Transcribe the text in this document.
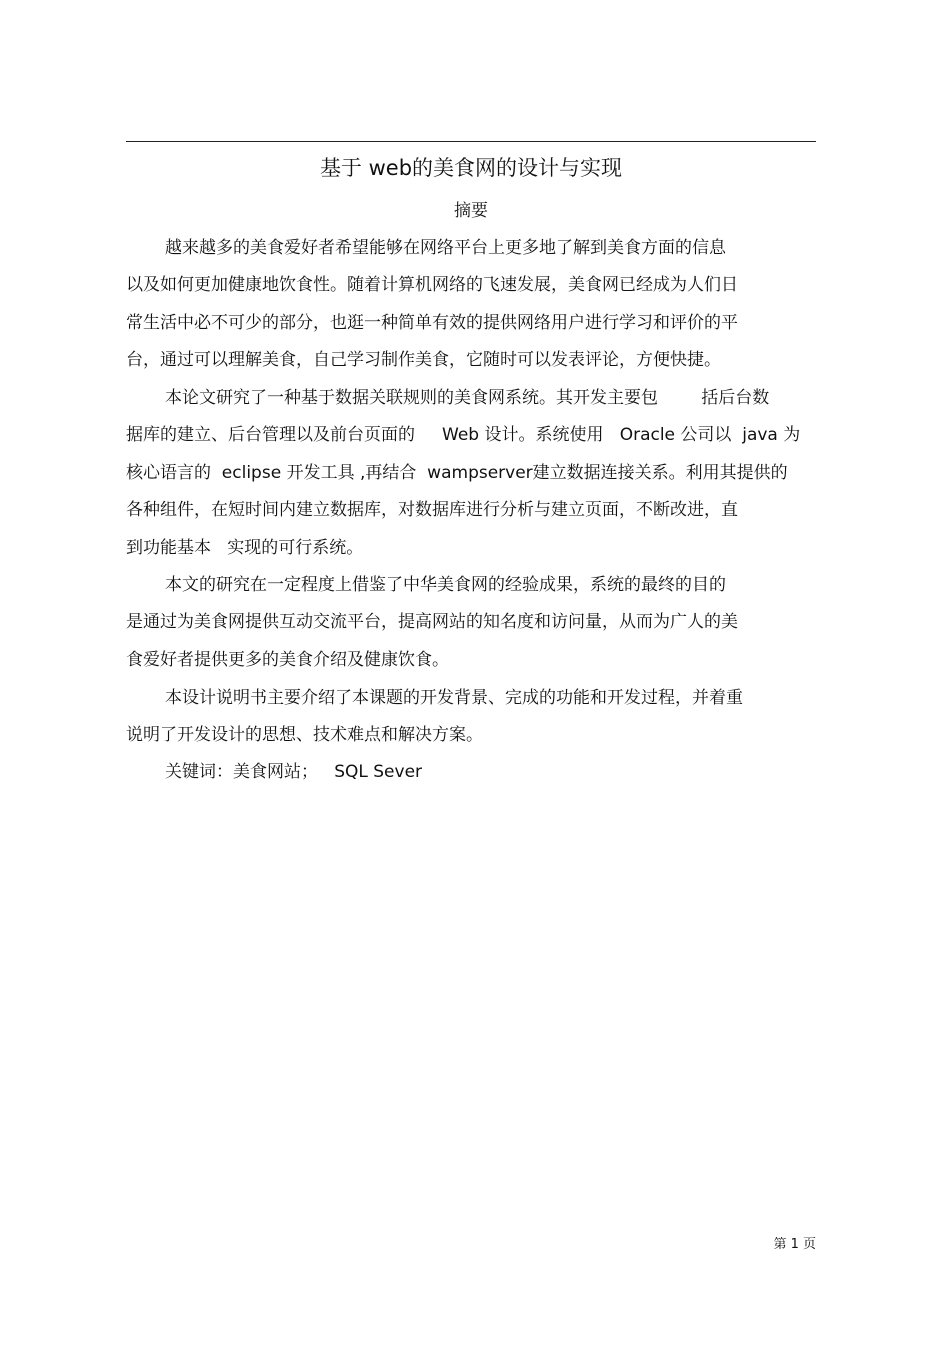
基于 web的美食网的设计与实现
摘要
越来越多的美食爱好者希望能够在网络平台上更多地了解到美食方面的信息
以及如何更加健康地饮食性。随着计算机网络的飞速发展，美食网已经成为人们日
常生活中必不可少的部分，也逛一种简单有效的提供网络用户进行学习和评价的平
台，通过可以理解美食，自己学习制作美食，它随时可以发表评论，方便快捷。
本论文研究了一种基于数据关联规则的美食网系统。其开发主要包        括后台数
据库的建立、后台管理以及前台页面的     Web 设计。系统使用   Oracle 公司以  java 为
核心语言的  eclipse 开发工具 ,再结合  wampserver建立数据连接关系。利用其提供的
各种组件，在短时间内建立数据库，对数据库进行分析与建立页面，不断改进，直
到功能基本   实现的可行系统。
本文的研究在一定程度上借鉴了中华美食网的经验成果，系统的最终的目的
是通过为美食网提供互动交流平台，提高网站的知名度和访问量，从而为广人的美
食爱好者提供更多的美食介绍及健康饮食。
本设计说明书主要介绍了本课题的开发背景、完成的功能和开发过程，并着重
说明了开发设计的思想、技术难点和解决方案。
关键词：美食网站；   SQL Sever
第 1 页
